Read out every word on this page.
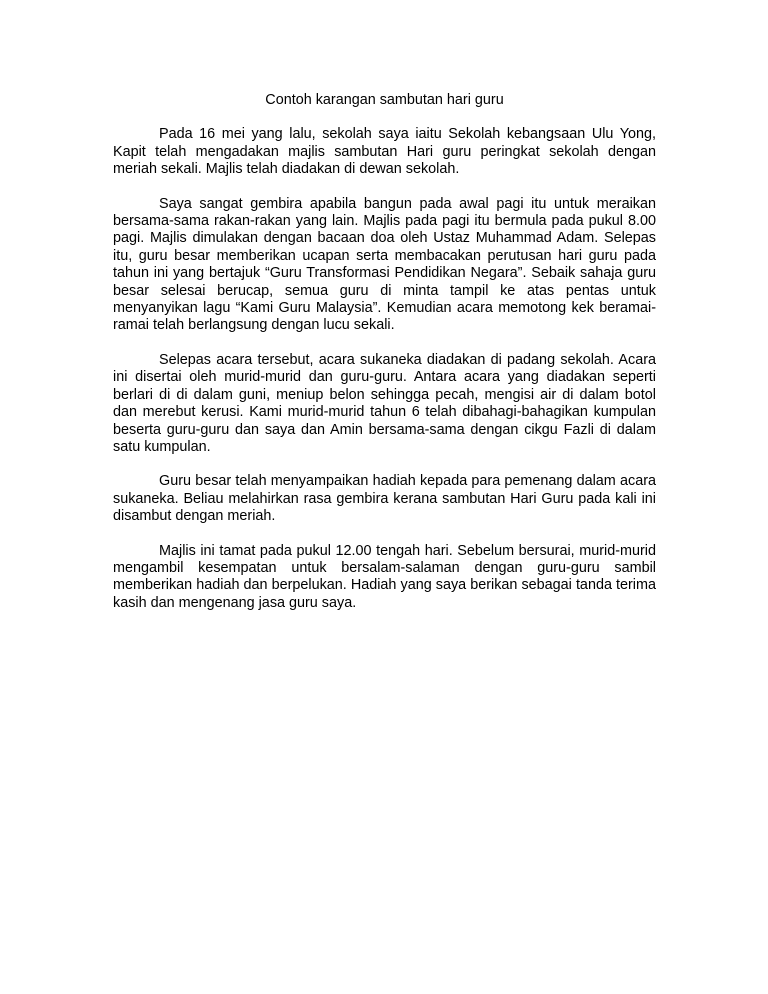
Contoh karangan sambutan hari guru

Pada 16 mei yang lalu, sekolah saya iaitu Sekolah kebangsaan Ulu Yong, Kapit telah mengadakan majlis sambutan Hari guru peringkat sekolah dengan meriah sekali. Majlis telah diadakan di dewan sekolah.

Saya sangat gembira apabila bangun pada awal pagi itu untuk meraikan bersama-sama rakan-rakan yang lain. Majlis pada pagi itu bermula pada pukul 8.00 pagi. Majlis dimulakan dengan bacaan doa oleh Ustaz Muhammad Adam. Selepas itu, guru besar memberikan ucapan serta membacakan perutusan hari guru pada tahun ini yang bertajuk “Guru Transformasi Pendidikan Negara”. Sebaik sahaja guru besar selesai berucap, semua guru di minta tampil ke atas pentas untuk menyanyikan lagu “Kami Guru Malaysia”. Kemudian acara memotong kek beramai-ramai telah berlangsung dengan lucu sekali.

Selepas acara tersebut, acara sukaneka diadakan di padang sekolah. Acara ini disertai oleh murid-murid dan guru-guru. Antara acara yang diadakan seperti berlari di di dalam guni, meniup belon sehingga pecah, mengisi air di dalam botol dan merebut kerusi. Kami murid-murid tahun 6 telah dibahagi-bahagikan kumpulan beserta guru-guru dan saya dan Amin bersama-sama dengan cikgu Fazli di dalam satu kumpulan.

Guru besar telah menyampaikan hadiah kepada para pemenang dalam acara sukaneka. Beliau melahirkan rasa gembira kerana sambutan Hari Guru pada kali ini disambut dengan meriah.

Majlis ini tamat pada pukul 12.00 tengah hari. Sebelum bersurai, murid-murid mengambil kesempatan untuk bersalam-salaman dengan guru-guru sambil memberikan hadiah dan berpelukan. Hadiah yang saya berikan sebagai tanda terima kasih dan mengenang jasa guru saya.
